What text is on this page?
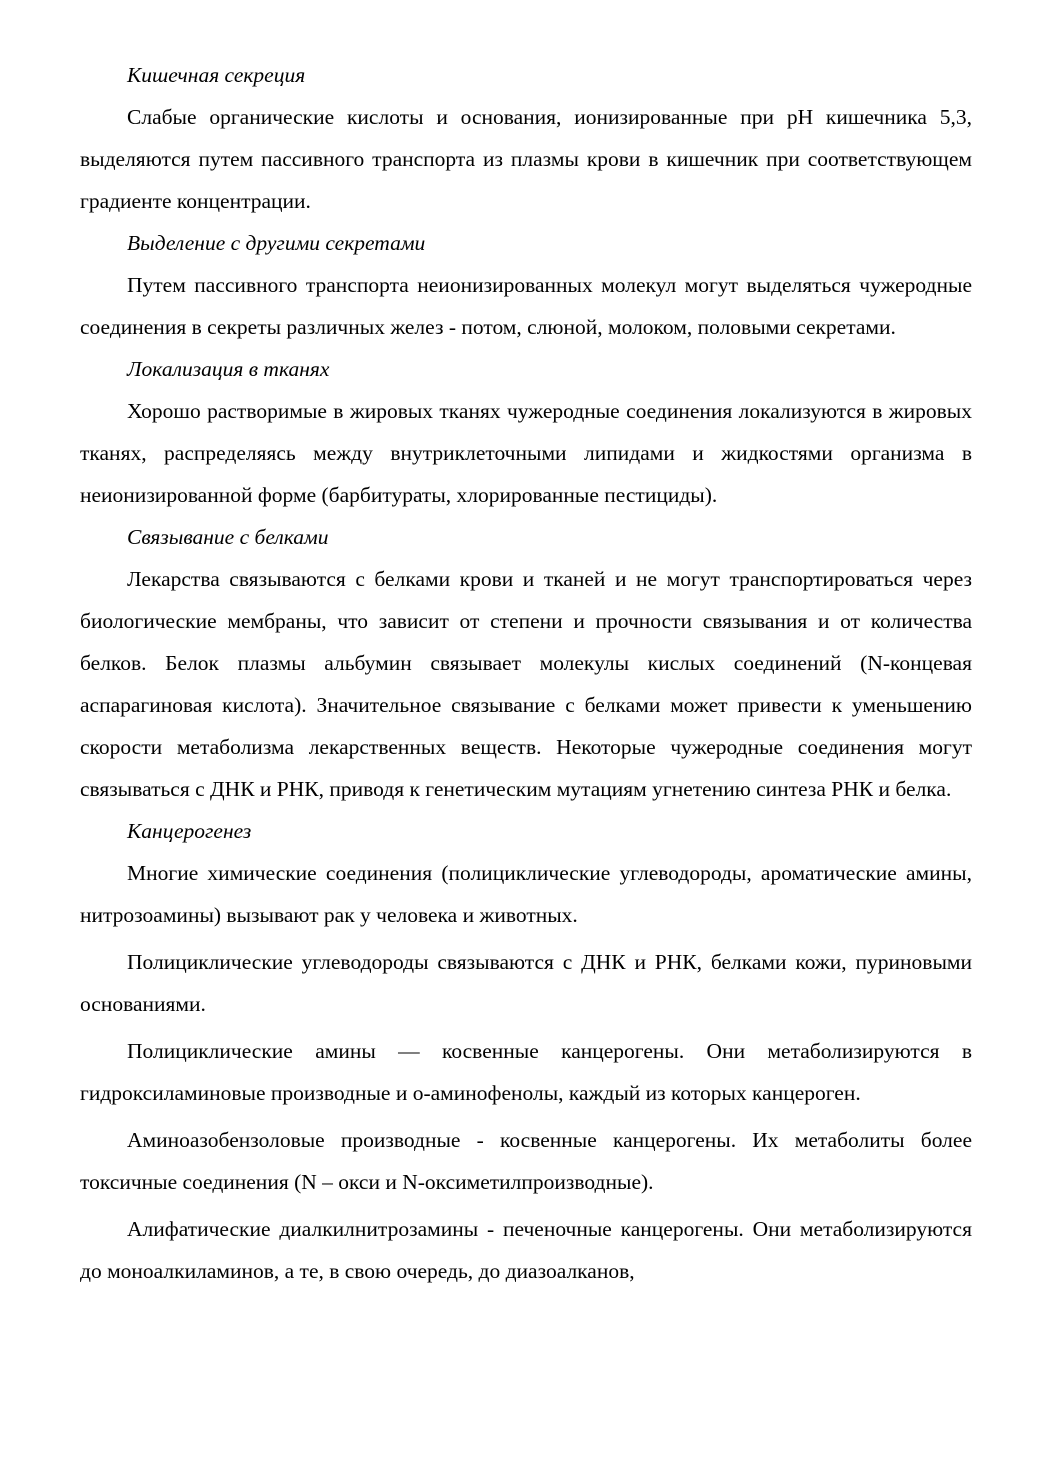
Кишечная секреция

Слабые органические кислоты и основания, ионизированные при pH кишечника 5,3, выделяются путем пассивного транспорта из плазмы крови в кишечник при соответствующем градиенте концентрации.

Выделение с другими секретами

Путем пассивного транспорта неионизированных молекул могут выделяться чужеродные соединения в секреты различных желез - потом, слюной, молоком, половыми секретами.

Локализация в тканях

Хорошо растворимые в жировых тканях чужеродные соединения локализуются в жировых тканях, распределяясь между внутриклеточными липидами и жидкостями организма в неионизированной форме (барбитураты, хлорированные пестициды).

Связывание с белками

Лекарства связываются с белками крови и тканей и не могут транспортироваться через биологические мембраны, что зависит от степени и прочности связывания и от количества белков. Белок плазмы альбумин связывает молекулы кислых соединений (N-концевая аспарагиновая кислота). Значительное связывание с белками может привести к уменьшению скорости метаболизма лекарственных веществ. Некоторые чужеродные соединения могут связываться с ДНК и РНК, приводя к генетическим мутациям угнетению синтеза РНК и белка.

Канцерогенез

Многие химические соединения (полициклические углеводороды, ароматические амины, нитрозоамины) вызывают рак у человека и животных.

Полициклические углеводороды связываются с ДНК и РНК, белками кожи, пуриновыми основаниями.

Полициклические амины — косвенные канцерогены. Они метаболизируются в гидроксиламиновые производные и о-аминофенолы, каждый из которых канцероген.

Аминоазобензоловые производные - косвенные канцерогены. Их метаболиты более токсичные соединения (N – окси и N-оксиметилпроизводные).

Алифатические диалкилнитрозамины - печеночные канцерогены. Они метаболизируются до моноалкиламинов, а те, в свою очередь, до диазоалканов,
